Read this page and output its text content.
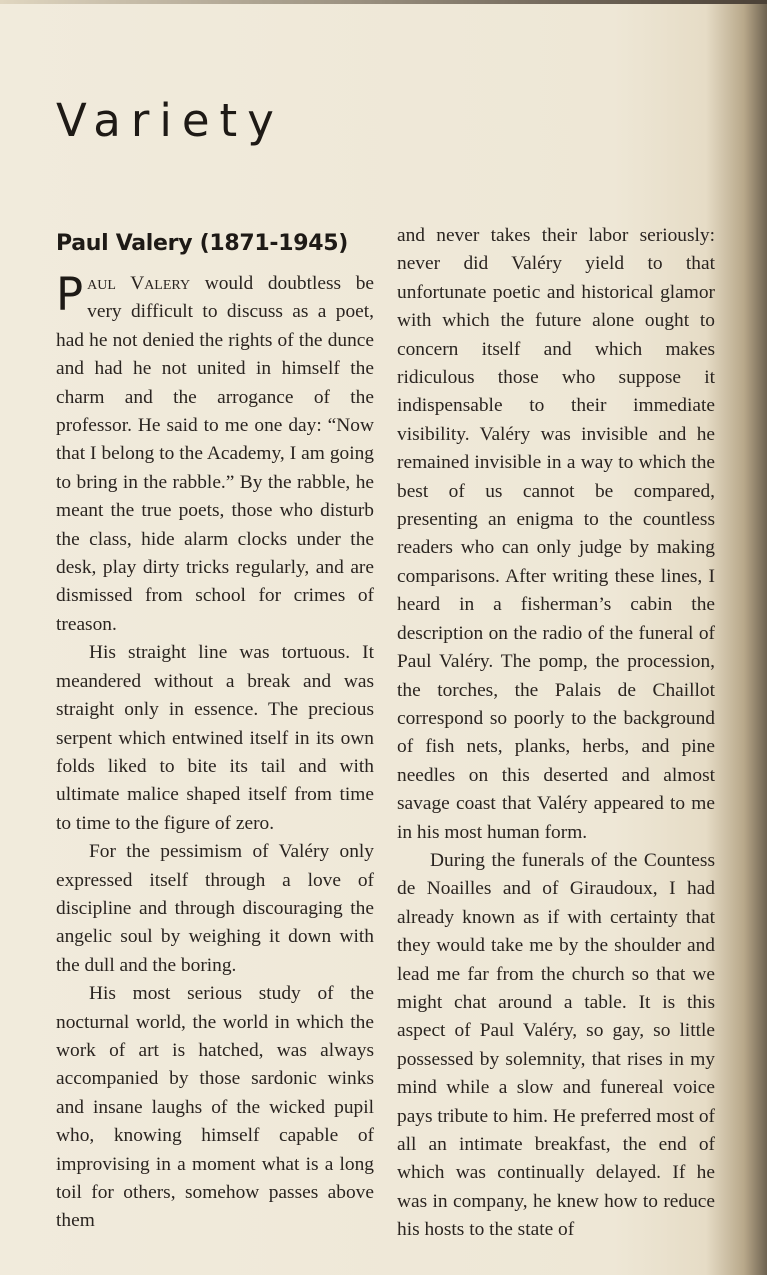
Variety
Paul Valery (1871-1945)

Paul Valery would doubtless be very difficult to discuss as a poet, had he not denied the rights of the dunce and had he not united in himself the charm and the arrogance of the professor. He said to me one day: “Now that I belong to the Academy, I am going to bring in the rabble.” By the rabble, he meant the true poets, those who disturb the class, hide alarm clocks under the desk, play dirty tricks regularly, and are dismissed from school for crimes of treason.

His straight line was tortuous. It meandered without a break and was straight only in essence. The precious serpent which entwined itself in its own folds liked to bite its tail and with ultimate malice shaped itself from time to time to the figure of zero.

For the pessimism of Valéry only expressed itself through a love of discipline and through discouraging the angelic soul by weighing it down with the dull and the boring.

His most serious study of the nocturnal world, the world in which the work of art is hatched, was always accompanied by those sardonic winks and insane laughs of the wicked pupil who, knowing himself capable of improvising in a moment what is a long toil for others, somehow passes above them

and never takes their labor seriously: never did Valéry yield to that unfortunate poetic and historical glamor with which the future alone ought to concern itself and which makes ridiculous those who suppose it indispensable to their immediate visibility. Valéry was invisible and he remained invisible in a way to which the best of us cannot be compared, presenting an enigma to the countless readers who can only judge by making comparisons. After writing these lines, I heard in a fisherman’s cabin the description on the radio of the funeral of Paul Valéry. The pomp, the procession, the torches, the Palais de Chaillot correspond so poorly to the background of fish nets, planks, herbs, and pine needles on this deserted and almost savage coast that Valéry appeared to me in his most human form.

During the funerals of the Countess de Noailles and of Giraudoux, I had already known as if with certainty that they would take me by the shoulder and lead me far from the church so that we might chat around a table. It is this aspect of Paul Valéry, so gay, so little possessed by solemnity, that rises in my mind while a slow and funereal voice pays tribute to him. He preferred most of all an intimate breakfast, the end of which was continually delayed. If he was in company, he knew how to reduce his hosts to the state of
